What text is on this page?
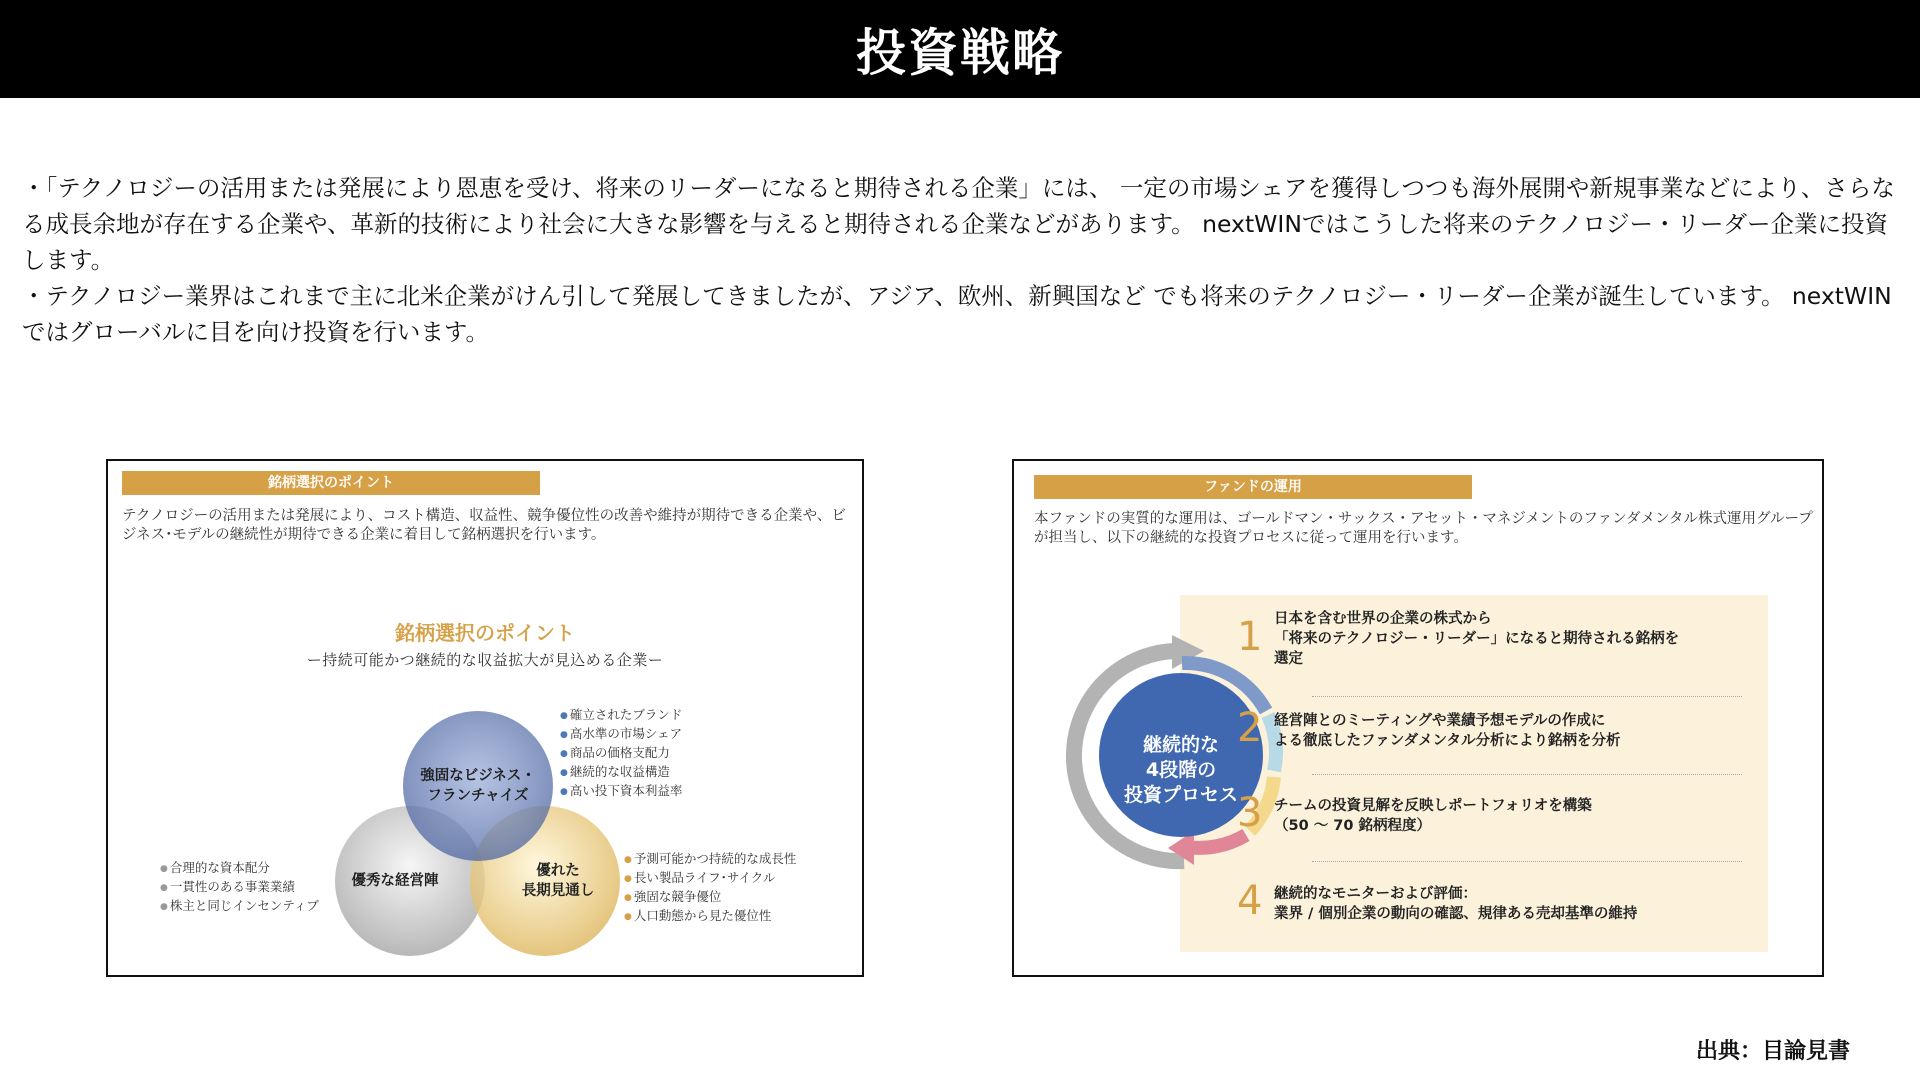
投資戦略

・「テクノロジーの活用または発展により恩恵を受け、将来のリーダーになると期待される企業」には、 一定の市場シェアを獲得しつつも海外展開や新規事業などにより、さらなる成長余地が存在する企業や、革新的技術により社会に大きな影響を与えると期待される企業などがあります。 nextWINではこうした将来のテクノロジー・リーダー企業に投資します。

・テクノロジー業界はこれまで主に北米企業がけん引して発展してきましたが、アジア、欧州、新興国など でも将来のテクノロジー・リーダー企業が誕生しています。 nextWINではグローバルに目を向け投資を行います。

銘柄選択のポイント
テクノロジーの活用または発展により、コスト構造、収益性、競争優位性の改善や維持が期待できる企業や、ビジネス･モデルの継続性が期待できる企業に着目して銘柄選択を行います。
銘柄選択のポイント
ー持続可能かつ継続的な収益拡大が見込める企業ー
強固なビジネス・
フランチャイズ
優秀な経営陣
優れた
長期見通し
● 確立されたブランド
● 高水準の市場シェア
● 商品の価格支配力
● 継続的な収益構造
● 高い投下資本利益率
● 合理的な資本配分
● 一貫性のある事業業績
● 株主と同じインセンティブ
● 予測可能かつ持続的な成長性
● 長い製品ライフ･サイクル
● 強固な競争優位
● 人口動態から見た優位性
ファンドの運用
本ファンドの実質的な運用は、ゴールドマン・サックス・アセット・マネジメントのファンダメンタル株式運用グループが担当し、以下の継続的な投資プロセスに従って運用を行います。
継続的な
4段階の
投資プロセス
1 日本を含む世界の企業の株式から
「将来のテクノロジー・リーダー」になると期待される銘柄を
選定
2 経営陣とのミーティングや業績予想モデルの作成に
よる徹底したファンダメンタル分析により銘柄を分析
3 チームの投資見解を反映しポートフォリオを構築
（50 ～ 70 銘柄程度）
4 継続的なモニターおよび評価：
業界 / 個別企業の動向の確認、規律ある売却基準の維持
出典：目論見書
